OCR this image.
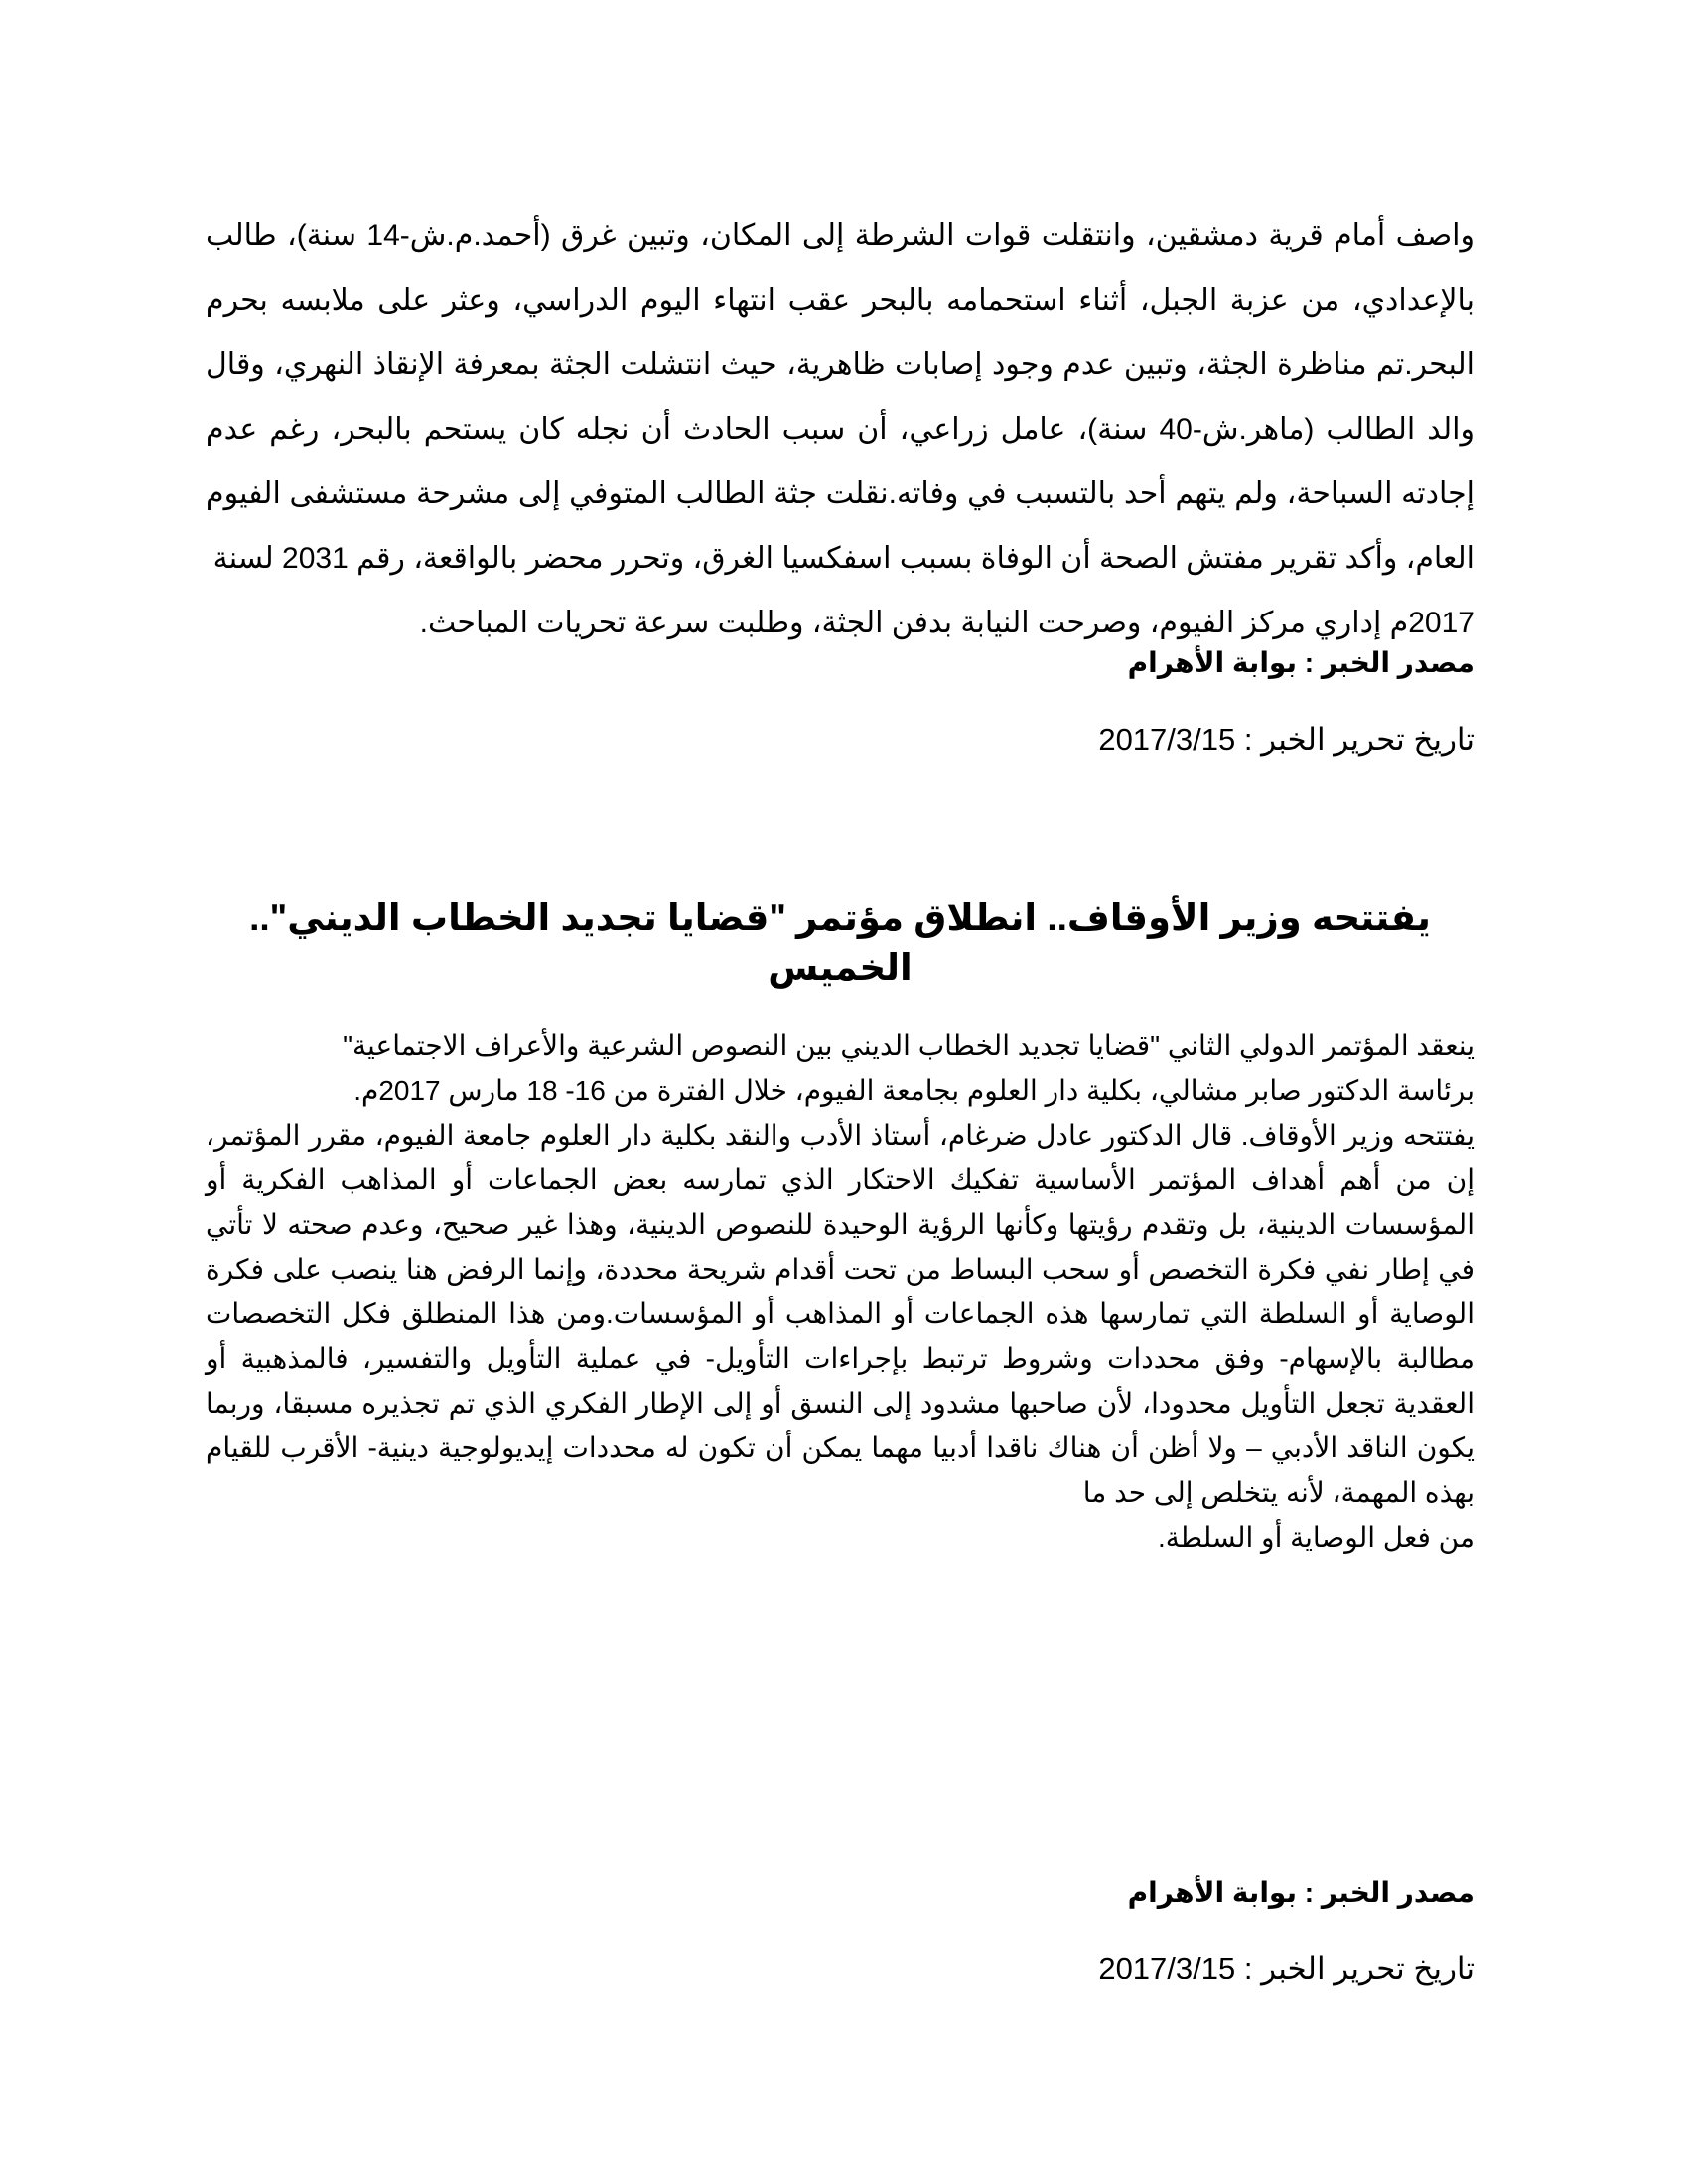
واصف أمام قرية دمشقين، وانتقلت قوات الشرطة إلى المكان، وتبين غرق (أحمد.م.ش-14 سنة)، طالب بالإعدادي، من عزبة الجبل، أثناء استحمامه بالبحر عقب انتهاء اليوم الدراسي، وعثر على ملابسه بحرم البحر.تم مناظرة الجثة، وتبين عدم وجود إصابات ظاهرية، حيث انتشلت الجثة بمعرفة الإنقاذ النهري، وقال والد الطالب (ماهر.ش-40 سنة)، عامل زراعي، أن سبب الحادث أن نجله كان يستحم بالبحر، رغم عدم إجادته السباحة، ولم يتهم أحد بالتسبب في وفاته.نقلت جثة الطالب المتوفي إلى مشرحة مستشفى الفيوم العام، وأكد تقرير مفتش الصحة أن الوفاة بسبب اسفكسيا الغرق، وتحرر محضر بالواقعة، رقم 2031 لسنة

2017م إداري مركز الفيوم، وصرحت النيابة بدفن الجثة، وطلبت سرعة تحريات المباحث.

مصدر الخبر : بوابة الأهرام
تاريخ تحرير الخبر : 2017/3/15
يفتتحه وزير الأوقاف.. انطلاق مؤتمر "قضايا تجديد الخطاب الديني".. الخميس

ينعقد المؤتمر الدولي الثاني "قضايا تجديد الخطاب الديني بين النصوص الشرعية والأعراف الاجتماعية"

برئاسة الدكتور صابر مشالي، بكلية دار العلوم بجامعة الفيوم، خلال الفترة من 16- 18 مارس 2017م.

يفتتحه وزير الأوقاف. قال الدكتور عادل ضرغام، أستاذ الأدب والنقد بكلية دار العلوم جامعة الفيوم، مقرر المؤتمر، إن من أهم أهداف المؤتمر الأساسية تفكيك الاحتكار الذي تمارسه بعض الجماعات أو المذاهب الفكرية أو المؤسسات الدينية، بل وتقدم رؤيتها وكأنها الرؤية الوحيدة للنصوص الدينية، وهذا غير صحيح، وعدم صحته لا تأتي في إطار نفي فكرة التخصص أو سحب البساط من تحت أقدام شريحة محددة، وإنما الرفض هنا ينصب على فكرة الوصاية أو السلطة التي تمارسها هذه الجماعات أو المذاهب أو المؤسسات.ومن هذا المنطلق فكل التخصصات مطالبة بالإسهام- وفق محددات وشروط ترتبط بإجراءات التأويل- في عملية التأويل والتفسير، فالمذهبية أو العقدية تجعل التأويل محدودا، لأن صاحبها مشدود إلى النسق أو إلى الإطار الفكري الذي تم تجذيره مسبقا، وربما يكون الناقد الأدبي – ولا أظن أن هناك ناقدا أدبيا مهما يمكن أن تكون له محددات إيديولوجية دينية- الأقرب للقيام بهذه المهمة، لأنه يتخلص إلى حد ما

من فعل الوصاية أو السلطة.

مصدر الخبر : بوابة الأهرام
تاريخ تحرير الخبر : 2017/3/15
